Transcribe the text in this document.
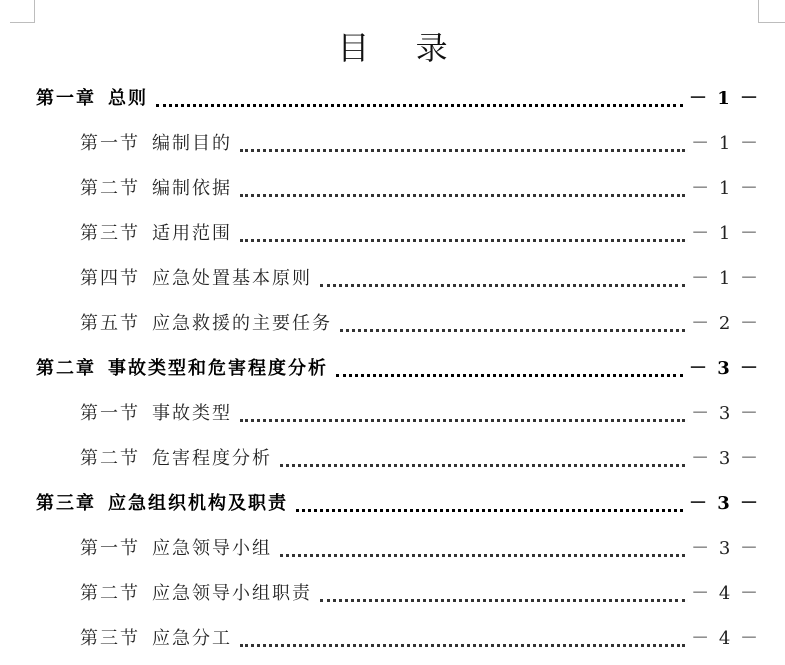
目 录
第一章 总则	－ 1 －
第一节 编制目的	－ 1 －
第二节 编制依据	－ 1 －
第三节 适用范围	－ 1 －
第四节 应急处置基本原则	－ 1 －
第五节 应急救援的主要任务	－ 2 －
第二章 事故类型和危害程度分析	－ 3 －
第一节 事故类型	－ 3 －
第二节 危害程度分析	－ 3 －
第三章 应急组织机构及职责	－ 3 －
第一节 应急领导小组	－ 3 －
第二节 应急领导小组职责	－ 4 －
第三节 应急分工	－ 4 －
